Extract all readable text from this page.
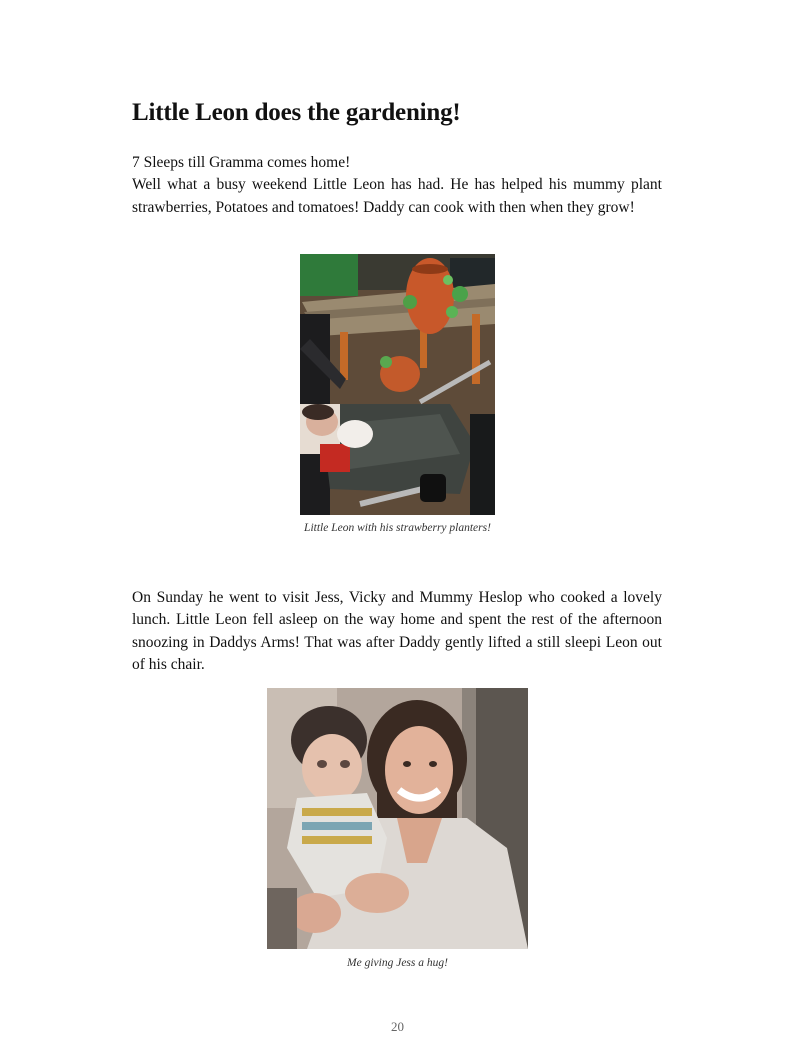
Little Leon does the gardening!
7 Sleeps till Gramma comes home!
Well what a busy weekend Little Leon has had. He has helped his mummy plant strawberries, Potatoes and tomatoes! Daddy can cook with then when they grow!

Little Leon with his strawberry planters!

On Sunday he went to visit Jess, Vicky and Mummy Heslop who cooked a lovely lunch. Little Leon fell asleep on the way home and spent the rest of the afternoon snoozing in Daddys Arms! That was after Daddy gently lifted a still sleepi Leon out of his chair.

Me giving Jess a hug!

20
